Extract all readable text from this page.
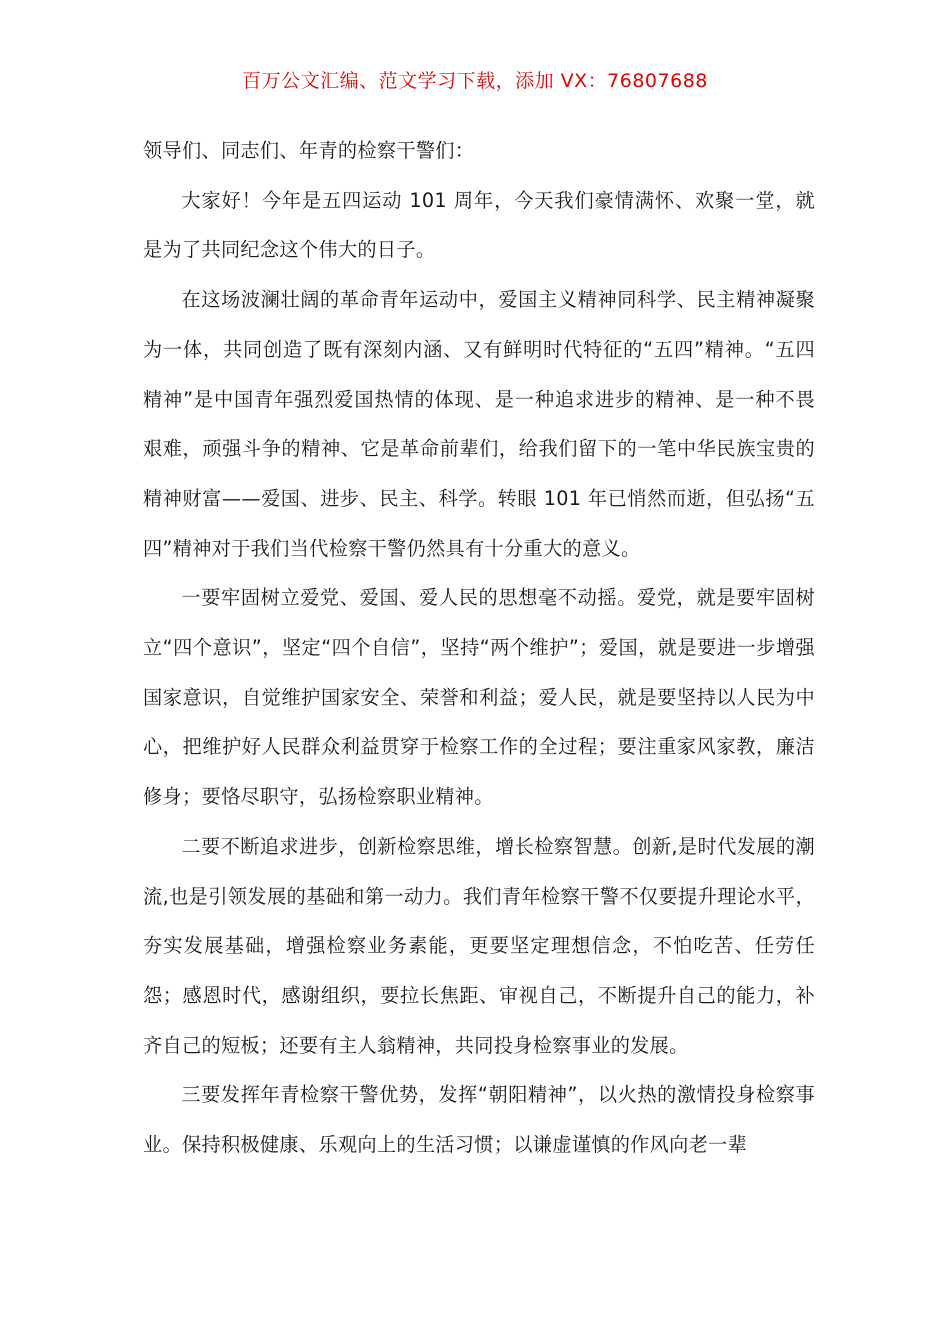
百万公文汇编、范文学习下载，添加 VX：76807688

领导们、同志们、年青的检察干警们：

大家好！今年是五四运动 101 周年，今天我们豪情满怀、欢聚一堂，就是为了共同纪念这个伟大的日子。

在这场波澜壮阔的革命青年运动中，爱国主义精神同科学、民主精神凝聚为一体，共同创造了既有深刻内涵、又有鲜明时代特征的“五四”精神。“五四精神”是中国青年强烈爱国热情的体现、是一种追求进步的精神、是一种不畏艰难，顽强斗争的精神、它是革命前辈们，给我们留下的一笔中华民族宝贵的精神财富——爱国、进步、民主、科学。转眼 101 年已悄然而逝，但弘扬“五四”精神对于我们当代检察干警仍然具有十分重大的意义。

一要牢固树立爱党、爱国、爱人民的思想毫不动摇。爱党，就是要牢固树立“四个意识”，坚定“四个自信”，坚持“两个维护”；爱国，就是要进一步增强国家意识，自觉维护国家安全、荣誉和利益；爱人民，就是要坚持以人民为中心，把维护好人民群众利益贯穿于检察工作的全过程；要注重家风家教，廉洁修身；要恪尽职守，弘扬检察职业精神。

二要不断追求进步，创新检察思维，增长检察智慧。创新,是时代发展的潮流,也是引领发展的基础和第一动力。我们青年检察干警不仅要提升理论水平，夯实发展基础，增强检察业务素能，更要坚定理想信念，不怕吃苦、任劳任怨；感恩时代，感谢组织，要拉长焦距、审视自己，不断提升自己的能力，补齐自己的短板；还要有主人翁精神，共同投身检察事业的发展。

三要发挥年青检察干警优势，发挥“朝阳精神”，以火热的激情投身检察事业。保持积极健康、乐观向上的生活习惯；以谦虚谨慎的作风向老一辈
